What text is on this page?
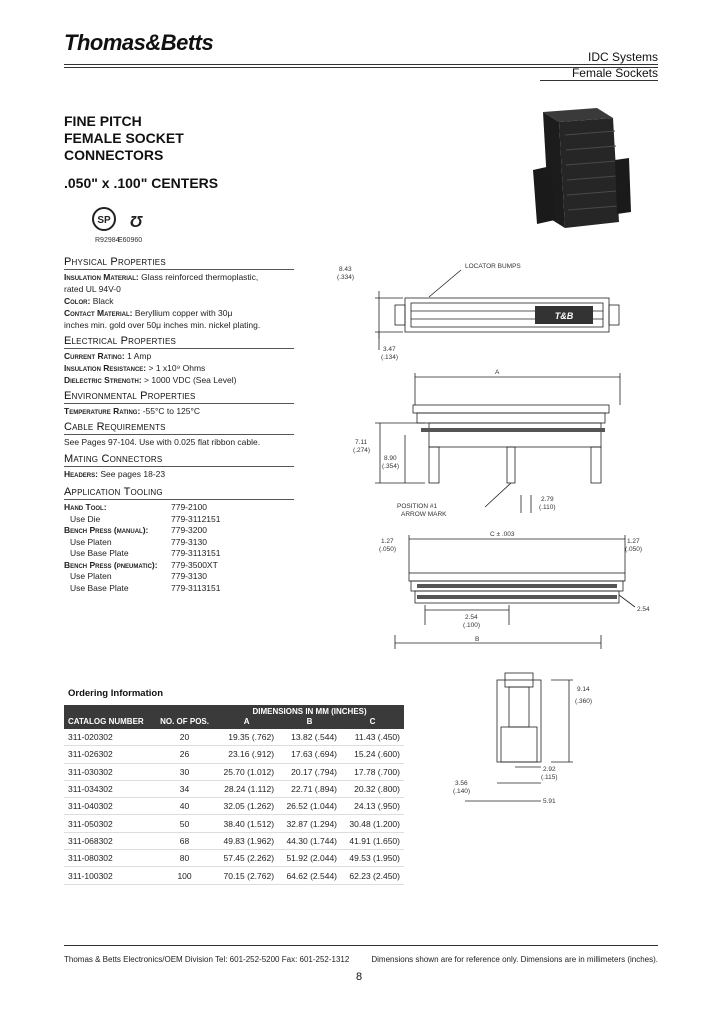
Thomas&Betts
IDC Systems
Female Sockets
FINE PITCH
FEMALE SOCKET
CONNECTORS
.050" x .100" CENTERS
SP Ʊ
R92984
E60960
Physical Properties
Insulation Material: Glass reinforced thermoplastic,
rated UL 94V-0
Color: Black
Contact Material: Beryllium copper with 30μ
inches min. gold over 50μ inches min. nickel plating.
Electrical Properties
Current Rating: 1 Amp
Insulation Resistance: > 1 x10⁹ Ohms
Dielectric Strength: > 1000 VDC (Sea Level)
Environmental Properties
Temperature Rating: -55°C to 125°C
Cable Requirements
See Pages 97-104. Use with 0.025 flat ribbon cable.
Mating Connectors
Headers: See pages 18-23
Application Tooling
Hand Tool:	779-2100
Use Die	779-3112151
Bench Press (manual):	779-3200
Use Platen	779-3130
Use Base Plate	779-3113151
Bench Press (pneumatic): 779-3500XT
Use Platen	779-3130
Use Base Plate	779-3113151
T&B
8.43
(.334)
LOCATOR BUMPS
3.47
(.134)
A
7.11
(.274)
8.90
(.354)
POSITION #1
ARROW MARK
2.79
(.110)
C ± .003
1.27
(.050)
1.27
(.050)
2.54
(.100)
2.54
B
9.14
(.360)
2.92
(.115)
3.56
(.140)
5.91
Ordering Information
		DIMENSIONS IN MM (INCHES)		
CATALOG NUMBER	NO. OF POS.	A	B	C
311-020302	20	19.35 (.762)	13.82 (.544)	11.43 (.450)
311-026302	26	23.16 (.912)	17.63 (.694)	15.24 (.600)
311-030302	30	25.70 (1.012)	20.17 (.794)	17.78 (.700)
311-034302	34	28.24 (1.112)	22.71 (.894)	20.32 (.800)
311-040302	40	32.05 (1.262)	26.52 (1.044)	24.13 (.950)
311-050302	50	38.40 (1.512)	32.87 (1.294)	30.48 (1.200)
311-068302	68	49.83 (1.962)	44.30 (1.744)	41.91 (1.650)
311-080302	80	57.45 (2.262)	51.92 (2.044)	49.53 (1.950)
311-100302	100	70.15 (2.762)	64.62 (2.544)	62.23 (2.450)
Thomas & Betts Electronics/OEM Division Tel: 601-252-5200 Fax: 601-252-1312	Dimensions shown are for reference only. Dimensions are in millimeters (inches).
8
